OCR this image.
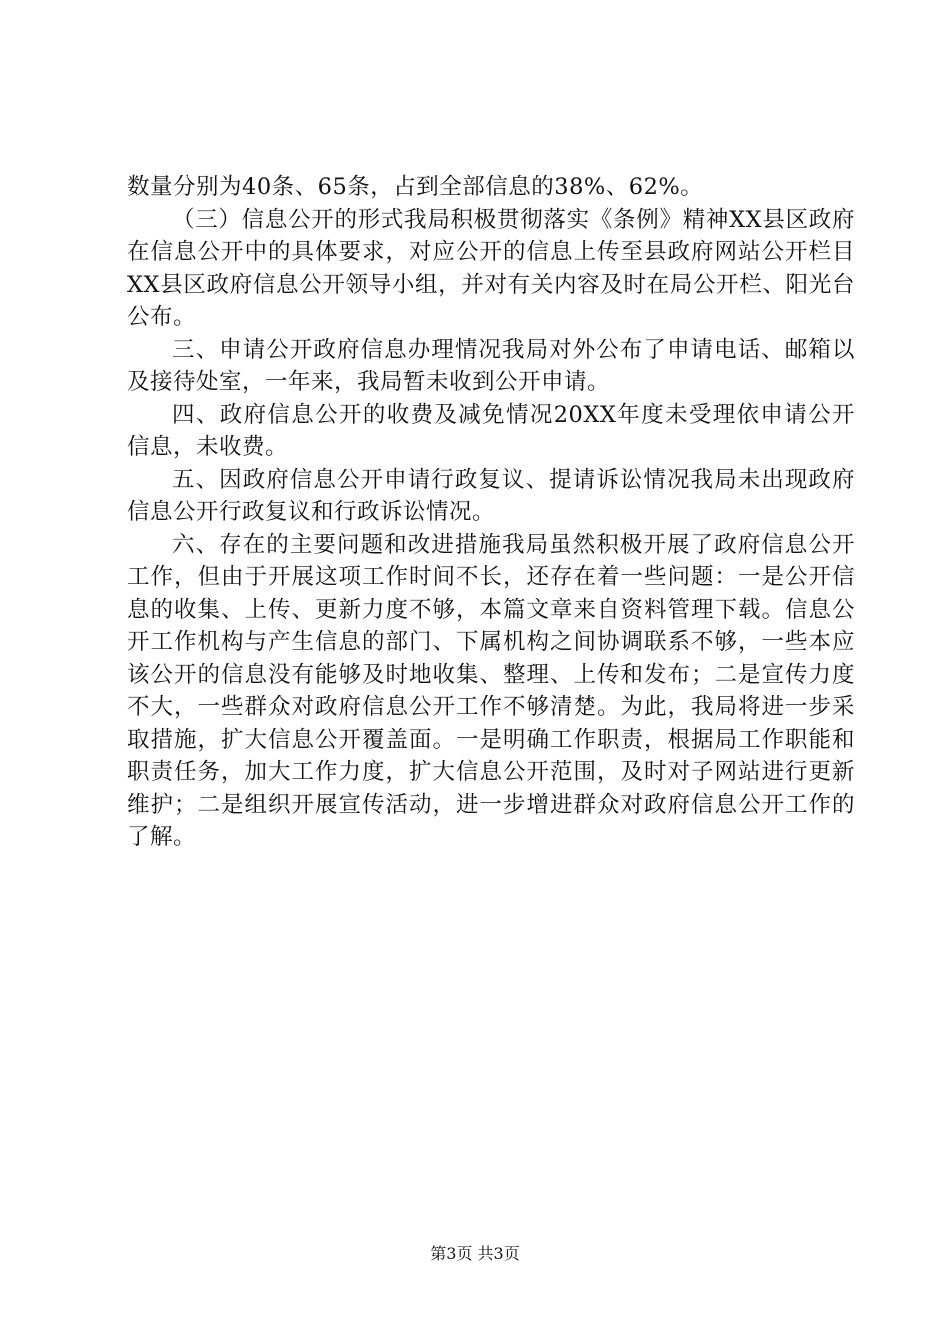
数量分别为40条、65条，占到全部信息的38%、62%。

（三）信息公开的形式我局积极贯彻落实《条例》精神XX县区政府在信息公开中的具体要求，对应公开的信息上传至县政府网站公开栏目XX县区政府信息公开领导小组，并对有关内容及时在局公开栏、阳光台公布。

三、申请公开政府信息办理情况我局对外公布了申请电话、邮箱以及接待处室，一年来，我局暂未收到公开申请。

四、政府信息公开的收费及减免情况20XX年度未受理依申请公开信息，未收费。

五、因政府信息公开申请行政复议、提请诉讼情况我局未出现政府信息公开行政复议和行政诉讼情况。

六、存在的主要问题和改进措施我局虽然积极开展了政府信息公开工作，但由于开展这项工作时间不长，还存在着一些问题：一是公开信息的收集、上传、更新力度不够，本篇文章来自资料管理下载。信息公开工作机构与产生信息的部门、下属机构之间协调联系不够，一些本应该公开的信息没有能够及时地收集、整理、上传和发布；二是宣传力度不大，一些群众对政府信息公开工作不够清楚。为此，我局将进一步采取措施，扩大信息公开覆盖面。一是明确工作职责，根据局工作职能和职责任务，加大工作力度，扩大信息公开范围，及时对子网站进行更新维护；二是组织开展宣传活动，进一步增进群众对政府信息公开工作的了解。

第3页 共3页
